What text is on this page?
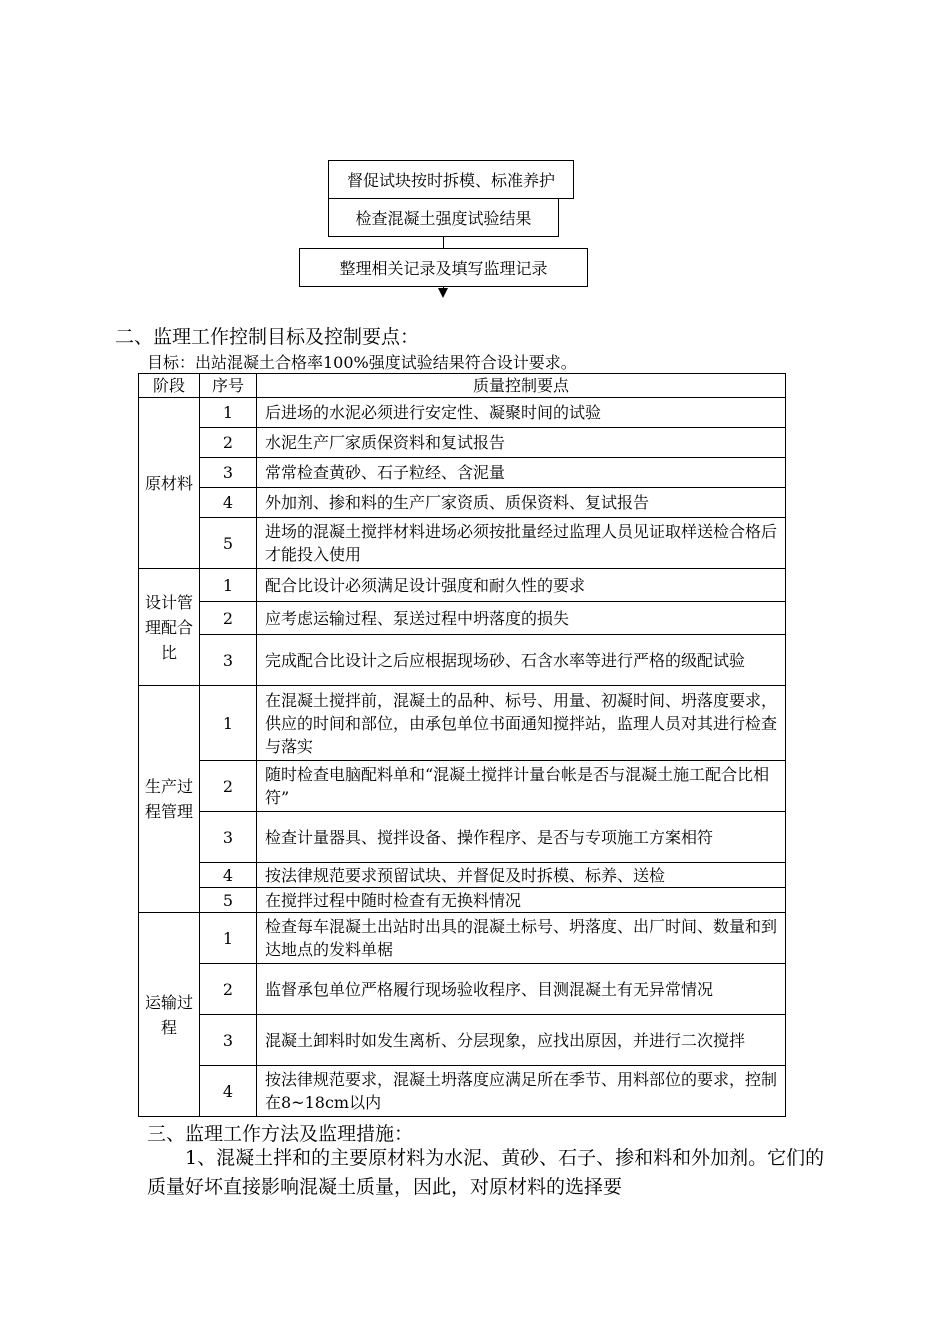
督促试块按时拆模、标准养护
检查混凝土强度试验结果
整理相关记录及填写监理记录
二、监理工作控制目标及控制要点：
目标：出站混凝土合格率100%强度试验结果符合设计要求。
阶段	序号	质量控制要点
原材料	1	后进场的水泥必须进行安定性、凝聚时间的试验
	2	水泥生产厂家质保资料和复试报告
	3	常常检查黄砂、石子粒经、含泥量
	4	外加剂、掺和料的生产厂家资质、质保资料、复试报告
	5	进场的混凝土搅拌材料进场必须按批量经过监理人员见证取样送检合格后才能投入使用
设计管理配合比	1	配合比设计必须满足设计强度和耐久性的要求
	2	应考虑运输过程、泵送过程中坍落度的损失
	3	完成配合比设计之后应根据现场砂、石含水率等进行严格的级配试验
生产过程管理	1	在混凝土搅拌前，混凝土的品种、标号、用量、初凝时间、坍落度要求，供应的时间和部位，由承包单位书面通知搅拌站，监理人员对其进行检查与落实
	2	随时检查电脑配料单和“混凝土搅拌计量台帐是否与混凝土施工配合比相符”
	3	检查计量器具、搅拌设备、操作程序、是否与专项施工方案相符
	4	按法律规范要求预留试块、并督促及时拆模、标养、送检
	5	在搅拌过程中随时检查有无换料情况
运输过程	1	检查每车混凝土出站时出具的混凝土标号、坍落度、出厂时间、数量和到达地点的发料单椐
	2	监督承包单位严格履行现场验收程序、目测混凝土有无异常情况
	3	混凝土卸料时如发生离析、分层现象，应找出原因，并进行二次搅拌
	4	按法律规范要求，混凝土坍落度应满足所在季节、用料部位的要求，控制在8~18cm以内
三、监理工作方法及监理措施：
1、混凝土拌和的主要原材料为水泥、黄砂、石子、掺和料和外加剂。它们的质量好坏直接影响混凝土质量，因此，对原材料的选择要
